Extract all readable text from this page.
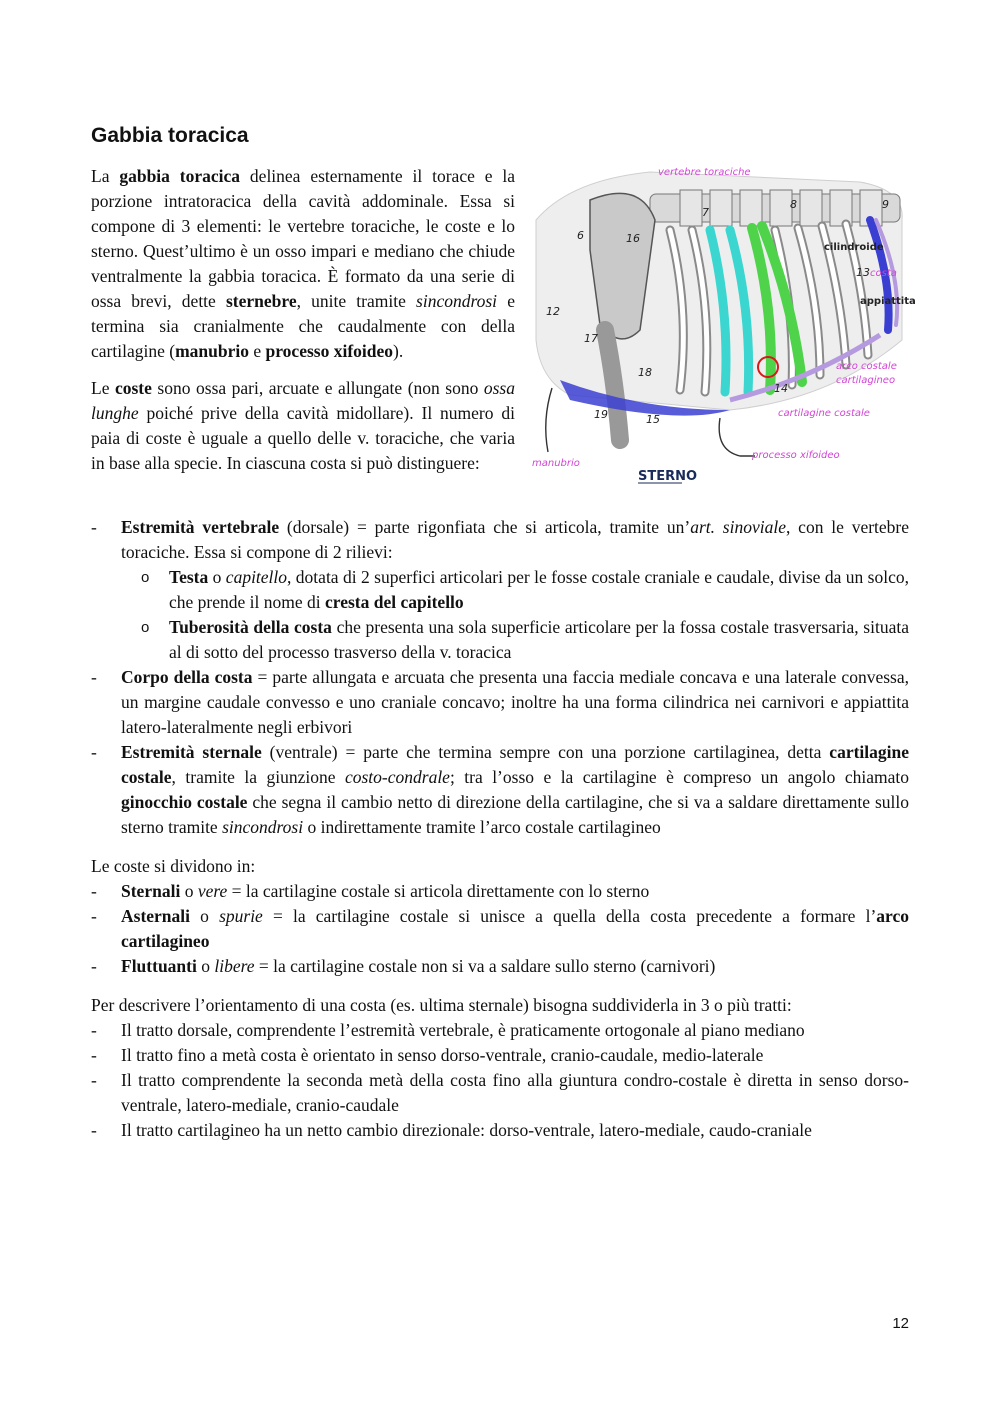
Gabbia toracica

La gabbia toracica delinea esternamente il torace e la porzione intratoracica della cavità addominale. Essa si compone di 3 elementi: le vertebre toraciche, le coste e lo sterno. Quest’ultimo è un osso impari e mediano che chiude ventralmente la gabbia toracica. È formato da una serie di ossa brevi, dette sternebre, unite tramite sincondrosi e termina sia cranialmente che caudalmente con della cartilagine (manubrio e processo xifoideo).

Le coste sono ossa pari, arcuate e allungate (non sono ossa lunghe poiché prive della cavità midollare). Il numero di paia di coste è uguale a quello delle v. toraciche, che varia in base alla specie. In ciascuna costa si può distinguere:

6
7
8	9
16
12
17
18
19	15
14
13
vertebre toraciche
costa
arco costale
cartilagineo
cartilagine costale
processo xifoideo
manubrio
cilindroide
appiattita
STERNO
- Estremità vertebrale (dorsale) = parte rigonfiata che si articola, tramite un’art. sinoviale, con le vertebre toraciche. Essa si compone di 2 rilievi:
o Testa o capitello, dotata di 2 superfici articolari per le fosse costale craniale e caudale, divise da un solco, che prende il nome di cresta del capitello
o Tuberosità della costa che presenta una sola superficie articolare per la fossa costale trasversaria, situata al di sotto del processo trasverso della v. toracica
- Corpo della costa = parte allungata e arcuata che presenta una faccia mediale concava e una laterale convessa, un margine caudale convesso e uno craniale concavo; inoltre ha una forma cilindrica nei carnivori e appiattita latero-lateralmente negli erbivori
- Estremità sternale (ventrale) = parte che termina sempre con una porzione cartilaginea, detta cartilagine costale, tramite la giunzione costo-condrale; tra l’osso e la cartilagine è compreso un angolo chiamato ginocchio costale che segna il cambio netto di direzione della cartilagine, che si va a saldare direttamente sullo sterno tramite sincondrosi o indirettamente tramite l’arco costale cartilagineo

Le coste si dividono in:

- Sternali o vere = la cartilagine costale si articola direttamente con lo sterno
- Asternali o spurie = la cartilagine costale si unisce a quella della costa precedente a formare l’arco cartilagineo
- Fluttuanti o libere = la cartilagine costale non si va a saldare sullo sterno (carnivori)

Per descrivere l’orientamento di una costa (es. ultima sternale) bisogna suddividerla in 3 o più tratti:

- Il tratto dorsale, comprendente l’estremità vertebrale, è praticamente ortogonale al piano mediano
- Il tratto fino a metà costa è orientato in senso dorso-ventrale, cranio-caudale, medio-laterale
- Il tratto comprendente la seconda metà della costa fino alla giuntura condro-costale è diretta in senso dorso-ventrale, latero-mediale, cranio-caudale
- Il tratto cartilagineo ha un netto cambio direzionale: dorso-ventrale, latero-mediale, caudo-craniale
12
